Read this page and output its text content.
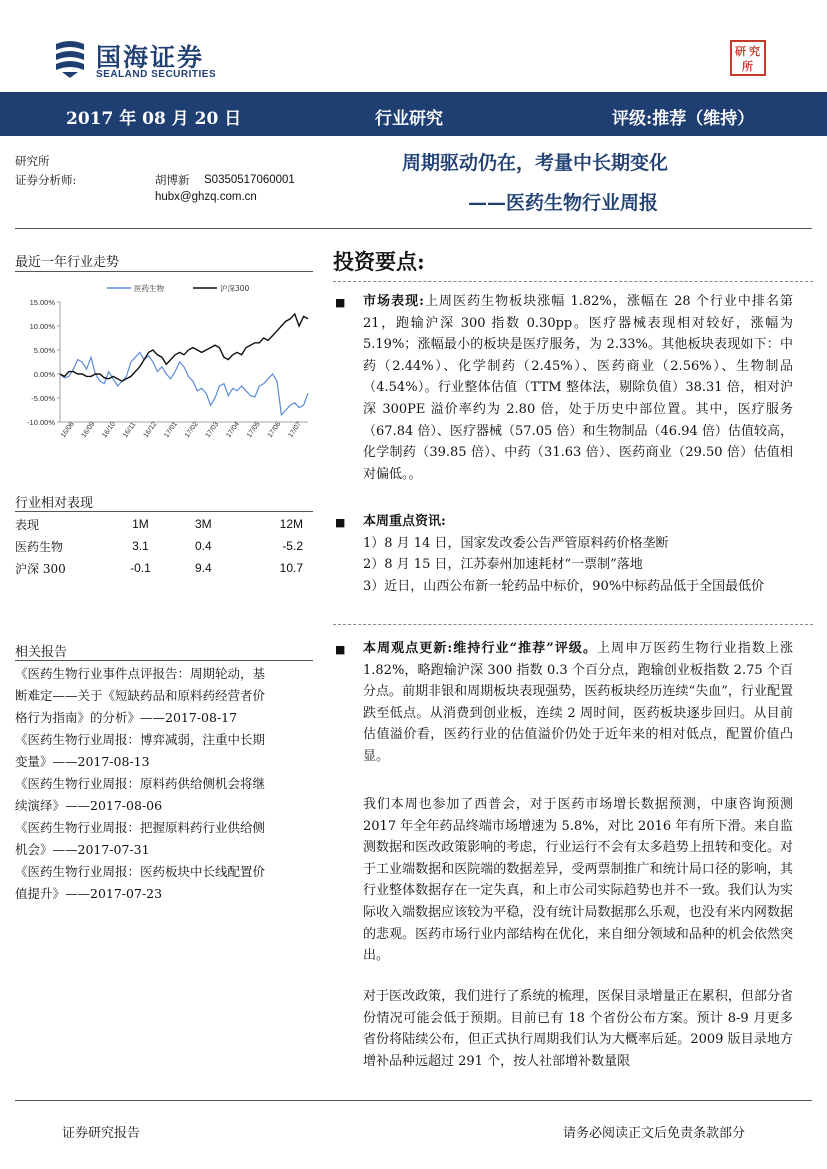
国海证券
SEALAND SECURITIES
研 究
所
2017 年 08 月 20 日	行业研究	评级:推荐（维持）
研究所
证券分析师:	胡博新 S0350517060001
hubx@ghzq.com.cn
周期驱动仍在，考量中长期变化
——医药生物行业周报
最近一年行业走势
医药生物	沪深300
15.00%
10.00%
5.00%
0.00%
-5.00%
-10.00% 16/08 16/09 16/10 16/11 16/12 17/01 17/02 17/03 17/04 17/05 17/06 17/07
行业相对表现
表现	1M	3M	12M
医药生物	3.1	0.4	-5.2
沪深 300	-0.1	9.4	10.7
相关报告
《医药生物行业事件点评报告：周期轮动，基
断难定——关于《短缺药品和原料药经营者价
格行为指南》的分析》——2017-08-17
《医药生物行业周报：博弈减弱，注重中长期
变量》——2017-08-13
《医药生物行业周报：原料药供给侧机会将继
续演绎》——2017-08-06
《医药生物行业周报：把握原料药行业供给侧
机会》——2017-07-31
《医药生物行业周报：医药板块中长线配置价
值提升》——2017-07-23
投资要点:
■ 市场表现:上周医药生物板块涨幅 1.82%，涨幅在 28 个行业中排名第 21，跑输沪深 300 指数 0.30pp。医疗器械表现相对较好，涨幅为 5.19%；涨幅最小的板块是医疗服务，为 2.33%。其他板块表现如下：中药（2.44%）、化学制药（2.45%）、医药商业（2.56%）、生物制品（4.54%）。行业整体估值（TTM 整体法，剔除负值）38.31 倍，相对沪深 300PE 溢价率约为 2.80 倍，处于历史中部位置。其中，医疗服务（67.84 倍）、医疗器械（57.05 倍）和生物制品（46.94 倍）估值较高，化学制药（39.85 倍）、中药（31.63 倍）、医药商业（29.50 倍）估值相对偏低。。
■ 本周重点资讯:
1）8 月 14 日，国家发改委公告严管原料药价格垄断
2）8 月 15 日，江苏泰州加速耗材“一票制”落地
3）近日，山西公布新一轮药品中标价，90%中标药品低于全国最低价
■ 本周观点更新:维持行业“推荐”评级。上周申万医药生物行业指数上涨 1.82%，略跑输沪深 300 指数 0.3 个百分点，跑输创业板指数 2.75 个百分点。前期非银和周期板块表现强势，医药板块经历连续“失血”，行业配置跌至低点。从消费到创业板，连续 2 周时间，医药板块逐步回归。从目前估值溢价看，医药行业的估值溢价仍处于近年来的相对低点，配置价值凸显。
我们本周也参加了西普会，对于医药市场增长数据预测，中康咨询预测 2017 年全年药品终端市场增速为 5.8%，对比 2016 年有所下滑。来自监测数据和医改政策影响的考虑，行业运行不会有太多趋势上扭转和变化。对于工业端数据和医院端的数据差异，受两票制推广和统计局口径的影响，其行业整体数据存在一定失真，和上市公司实际趋势也并不一致。我们认为实际收入端数据应该较为平稳，没有统计局数据那么乐观，也没有米内网数据的悲观。医药市场行业内部结构在优化，来自细分领域和品种的机会依然突出。
对于医改政策，我们进行了系统的梳理，医保目录增量正在累积，但部分省份情况可能会低于预期。目前已有 18 个省份公布方案。预计 8-9 月更多省份将陆续公布，但正式执行周期我们认为大概率后延。2009 版目录地方增补品种远超过 291 个，按人社部增补数量限
证券研究报告	请务必阅读正文后免责条款部分
